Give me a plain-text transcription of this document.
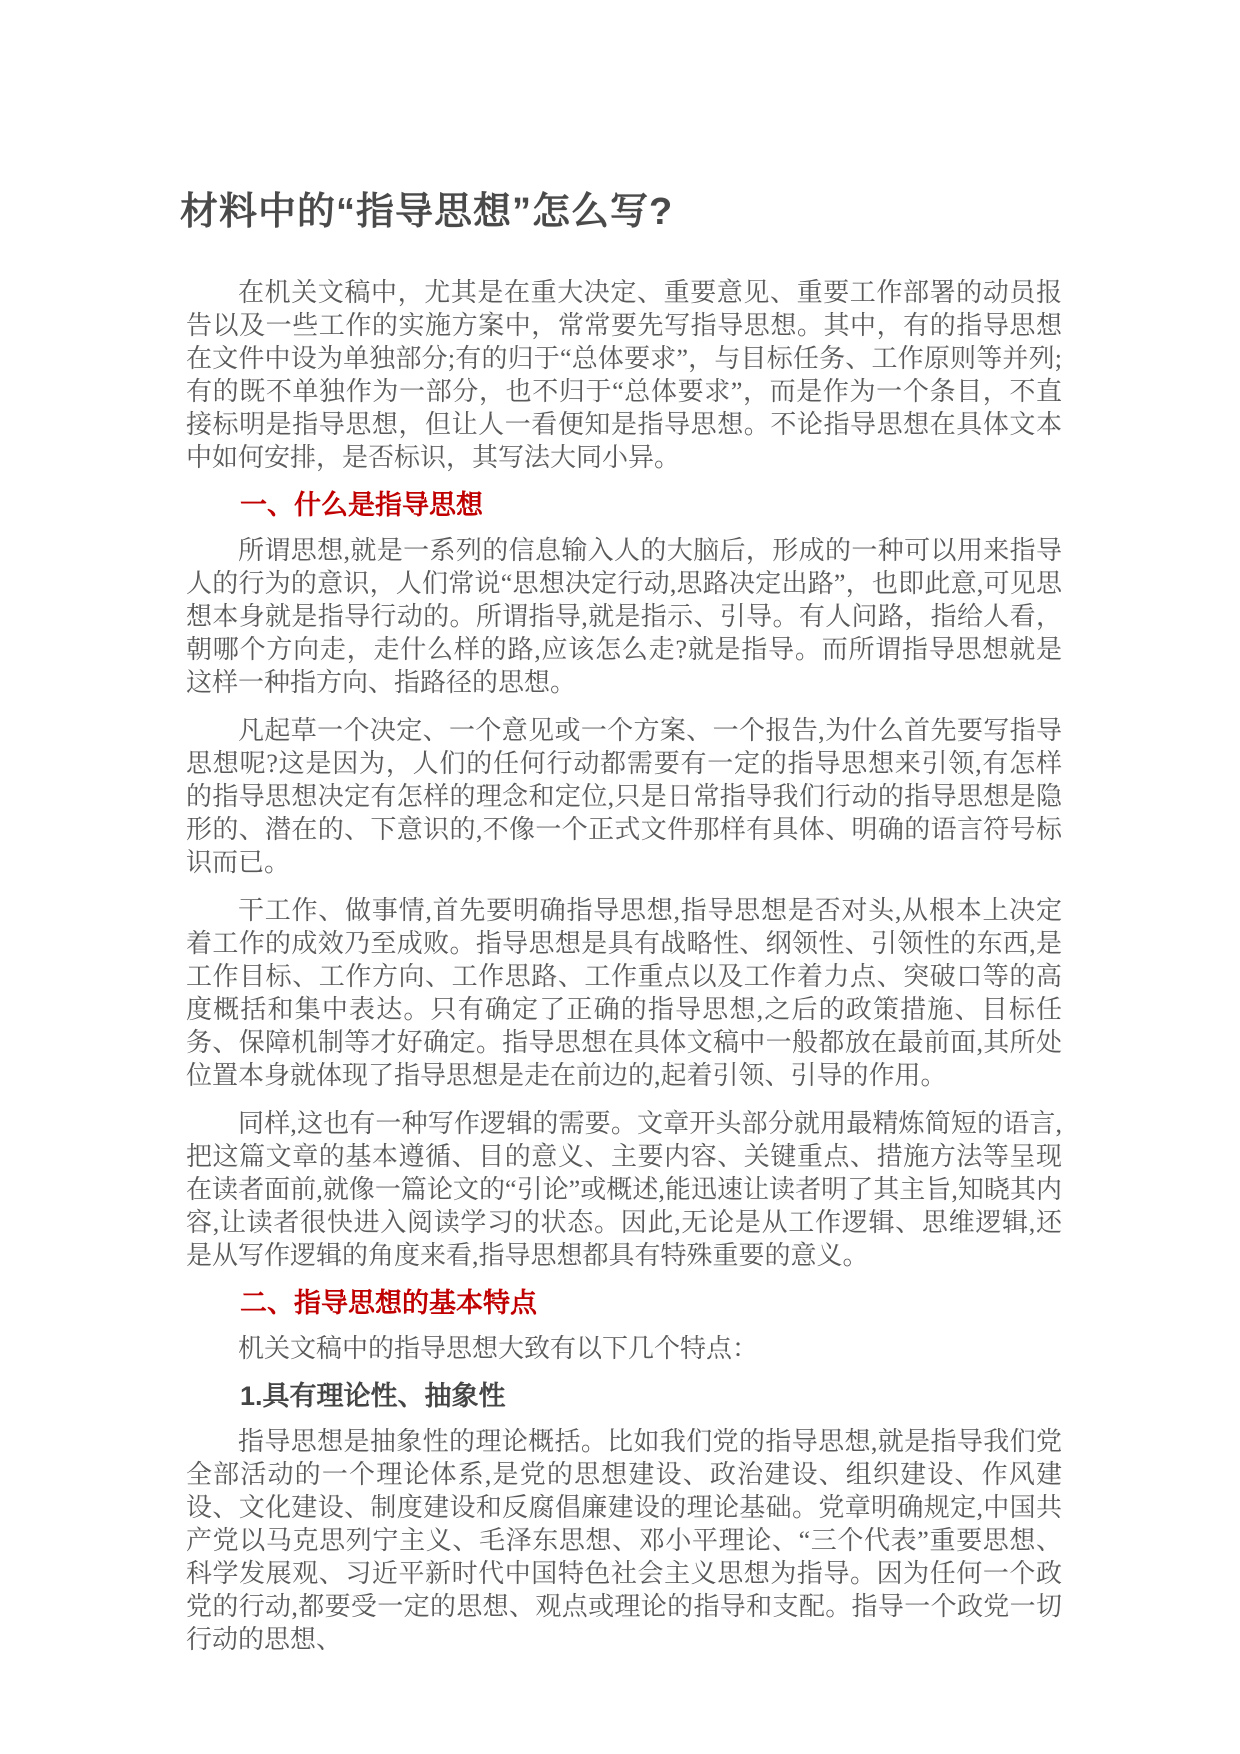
材料中的“指导思想”怎么写?

在机关文稿中，尤其是在重大决定、重要意见、重要工作部署的动员报告以及一些工作的实施方案中，常常要先写指导思想。其中，有的指导思想在文件中设为单独部分;有的归于“总体要求”，与目标任务、工作原则等并列;有的既不单独作为一部分，也不归于“总体要求”，而是作为一个条目，不直接标明是指导思想，但让人一看便知是指导思想。不论指导思想在具体文本中如何安排，是否标识，其写法大同小异。

一、什么是指导思想

所谓思想,就是一系列的信息输入人的大脑后，形成的一种可以用来指导人的行为的意识，人们常说“思想决定行动,思路决定出路”，也即此意,可见思想本身就是指导行动的。所谓指导,就是指示、引导。有人问路，指给人看，朝哪个方向走，走什么样的路,应该怎么走?就是指导。而所谓指导思想就是这样一种指方向、指路径的思想。

凡起草一个决定、一个意见或一个方案、一个报告,为什么首先要写指导思想呢?这是因为，人们的任何行动都需要有一定的指导思想来引领,有怎样的指导思想决定有怎样的理念和定位,只是日常指导我们行动的指导思想是隐形的、潜在的、下意识的,不像一个正式文件那样有具体、明确的语言符号标识而已。

干工作、做事情,首先要明确指导思想,指导思想是否对头,从根本上决定着工作的成效乃至成败。指导思想是具有战略性、纲领性、引领性的东西,是工作目标、工作方向、工作思路、工作重点以及工作着力点、突破口等的高度概括和集中表达。只有确定了正确的指导思想,之后的政策措施、目标任务、保障机制等才好确定。指导思想在具体文稿中一般都放在最前面,其所处位置本身就体现了指导思想是走在前边的,起着引领、引导的作用。

同样,这也有一种写作逻辑的需要。文章开头部分就用最精炼简短的语言,把这篇文章的基本遵循、目的意义、主要内容、关键重点、措施方法等呈现在读者面前,就像一篇论文的“引论”或概述,能迅速让读者明了其主旨,知晓其内容,让读者很快进入阅读学习的状态。因此,无论是从工作逻辑、思维逻辑,还是从写作逻辑的角度来看,指导思想都具有特殊重要的意义。

二、指导思想的基本特点

机关文稿中的指导思想大致有以下几个特点：

1.具有理论性、抽象性

指导思想是抽象性的理论概括。比如我们党的指导思想,就是指导我们党全部活动的一个理论体系,是党的思想建设、政治建设、组织建设、作风建设、文化建设、制度建设和反腐倡廉建设的理论基础。党章明确规定,中国共产党以马克思列宁主义、毛泽东思想、邓小平理论、“三个代表”重要思想、科学发展观、习近平新时代中国特色社会主义思想为指导。因为任何一个政党的行动,都要受一定的思想、观点或理论的指导和支配。指导一个政党一切行动的思想、
